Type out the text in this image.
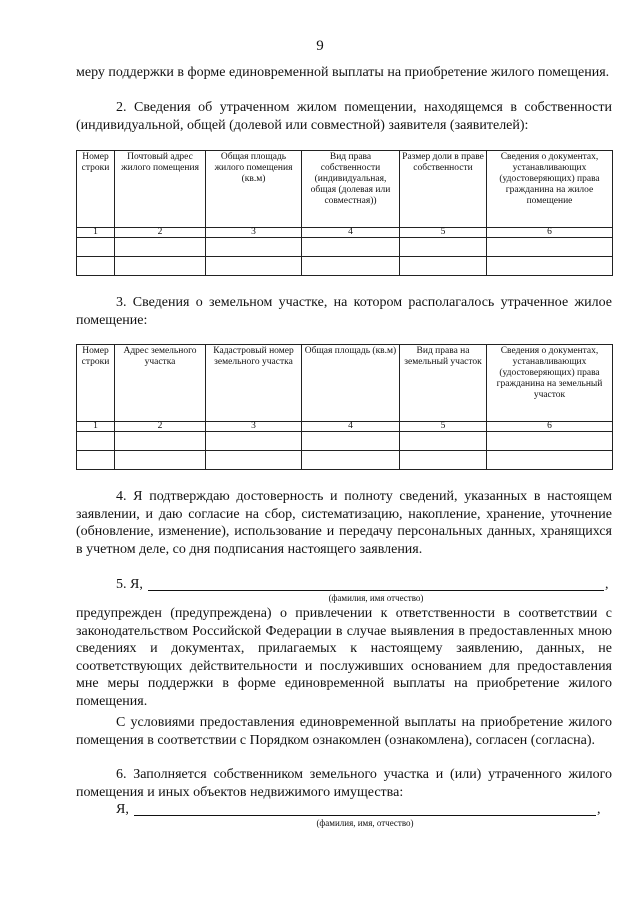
9

меру поддержки в форме единовременной выплаты на приобретение жилого помещения.

2. Сведения об утраченном жилом помещении, находящемся в собственности (индивидуальной, общей (долевой или совместной) заявителя (заявителей):

Номер строки	Почтовый адрес жилого помещения	Общая площадь жилого помещения (кв.м)	Вид права собственности (индивидуальная, общая (долевая или совместная))	Размер доли в праве собственности	Сведения о документах, устанавливающих (удостоверяющих) права гражданина на жилое помещение
1	2	3	4	5	6

3. Сведения о земельном участке, на котором располагалось утраченное жилое помещение:

Номер строки	Адрес земельного участка	Кадастровый номер земельного участка	Общая площадь (кв.м)	Вид права на земельный участок	Сведения о документах, устанавливающих (удостоверяющих) права гражданина на земельный участок
1	2	3	4	5	6

4. Я подтверждаю достоверность и полноту сведений, указанных в настоящем заявлении, и даю согласие на сбор, систематизацию, накопление, хранение, уточнение (обновление, изменение), использование и передачу персональных данных, хранящихся в учетном деле, со дня подписания настоящего заявления.

5. Я,	,
(фамилия, имя отчество)

предупрежден (предупреждена) о привлечении к ответственности в соответствии с законодательством Российской Федерации в случае выявления в предоставленных мною сведениях и документах, прилагаемых к настоящему заявлению, данных, не соответствующих действительности и послуживших основанием для предоставления мне меры поддержки в форме единовременной выплаты на приобретение жилого помещения.

С условиями предоставления единовременной выплаты на приобретение жилого помещения в соответствии с Порядком ознакомлен (ознакомлена), согласен (согласна).

6. Заполняется собственником земельного участка и (или) утраченного жилого помещения и иных объектов недвижимого имущества:

Я,	,
(фамилия, имя, отчество)
